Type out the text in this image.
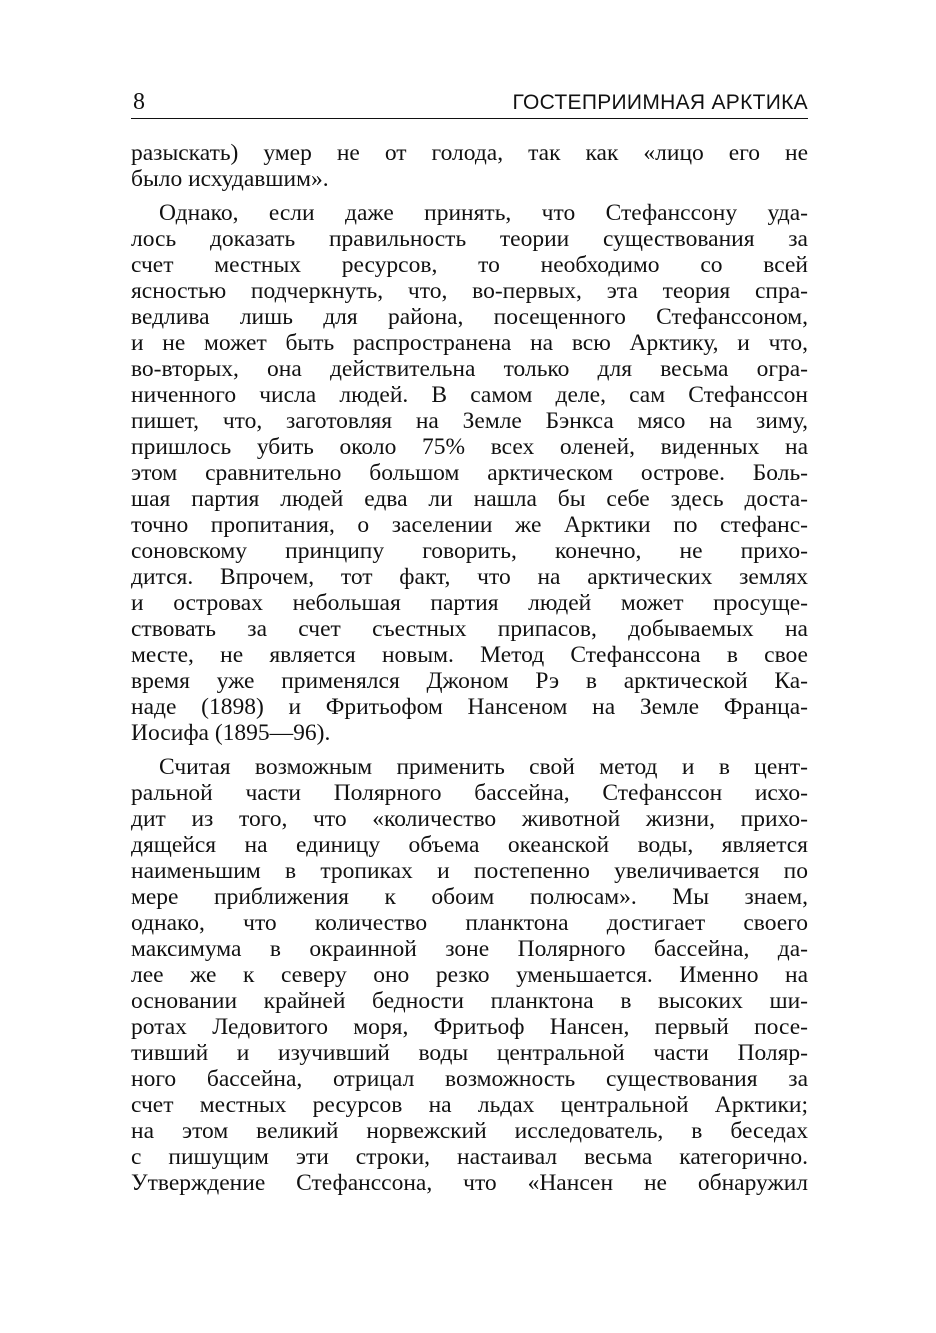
8	ГОСТЕПРИИМНАЯ АРКТИКА
разыскать) умер не от голода, так как «лицо его не
было исхудавшим».
Однако, если даже принять, что Стефанссону уда-
лось доказать правильность теории существования за
счет местных ресурсов, то необходимо со всей
ясностью подчеркнуть, что, во-первых, эта теория спра-
ведлива лишь для района, посещенного Стефанссоном,
и не может быть распространена на всю Арктику, и что,
во-вторых, она действительна только для весьма огра-
ниченного числа людей. В самом деле, сам Стефанссон
пишет, что, заготовляя на Земле Бэнкса мясо на зиму,
пришлось убить около 75% всех оленей, виденных на
этом сравнительно большом арктическом острове. Боль-
шая партия людей едва ли нашла бы себе здесь доста-
точно пропитания, о заселении же Арктики по стефанс-
соновскому принципу говорить, конечно, не прихо-
дится. Впрочем, тот факт, что на арктических землях
и островах небольшая партия людей может просуще-
ствовать за счет съестных припасов, добываемых на
месте, не является новым. Метод Стефанссона в свое
время уже применялся Джоном Рэ в арктической Ка-
наде (1898) и Фритьофом Нансеном на Земле Франца-
Иосифа (1895—96).
Считая возможным применить свой метод и в цент-
ральной части Полярного бассейна, Стефанссон исхо-
дит из того, что «количество животной жизни, прихо-
дящейся на единицу объема океанской воды, является
наименьшим в тропиках и постепенно увеличивается по
мере приближения к обоим полюсам». Мы знаем,
однако, что количество планктона достигает своего
максимума в окраинной зоне Полярного бассейна, да-
лее же к северу оно резко уменьшается. Именно на
основании крайней бедности планктона в высоких ши-
ротах Ледовитого моря, Фритьоф Нансен, первый посе-
тивший и изучивший воды центральной части Поляр-
ного бассейна, отрицал возможность существования за
счет местных ресурсов на льдах центральной Арктики;
на этом великий норвежский исследователь, в беседах
с пишущим эти строки, настаивал весьма категорично.
Утверждение Стефанссона, что «Нансен не обнаружил
